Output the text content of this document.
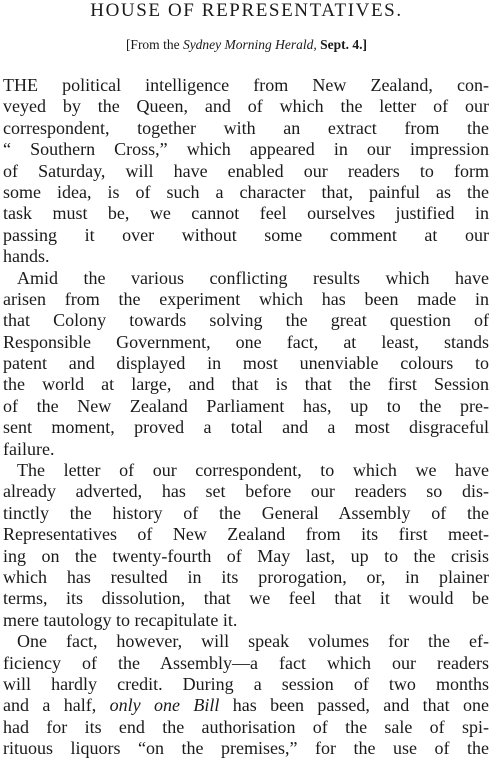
HOUSE OF REPRESENTATIVES.

[From the Sydney Morning Herald, Sept. 4.]

THE political intelligence from New Zealand, con-
veyed by the Queen, and of which the letter of our
correspondent, together with an extract from the
“ Southern Cross,” which appeared in our impression
of Saturday, will have enabled our readers to form
some idea, is of such a character that, painful as the
task must be, we cannot feel ourselves justified in
passing it over without some comment at our
hands.
Amid the various conflicting results which have
arisen from the experiment which has been made in
that Colony towards solving the great question of
Responsible Government, one fact, at least, stands
patent and displayed in most unenviable colours to
the world at large, and that is that the first Session
of the New Zealand Parliament has, up to the pre-
sent moment, proved a total and a most disgraceful
failure.
The letter of our correspondent, to which we have
already adverted, has set before our readers so dis-
tinctly the history of the General Assembly of the
Representatives of New Zealand from its first meet-
ing on the twenty-fourth of May last, up to the crisis
which has resulted in its prorogation, or, in plainer
terms, its dissolution, that we feel that it would be
mere tautology to recapitulate it.
One fact, however, will speak volumes for the ef-
ficiency of the Assembly—a fact which our readers
will hardly credit. During a session of two months
and a half, only one Bill has been passed, and that one
had for its end the authorisation of the sale of spi-
rituous liquors “on the premises,” for the use of the
